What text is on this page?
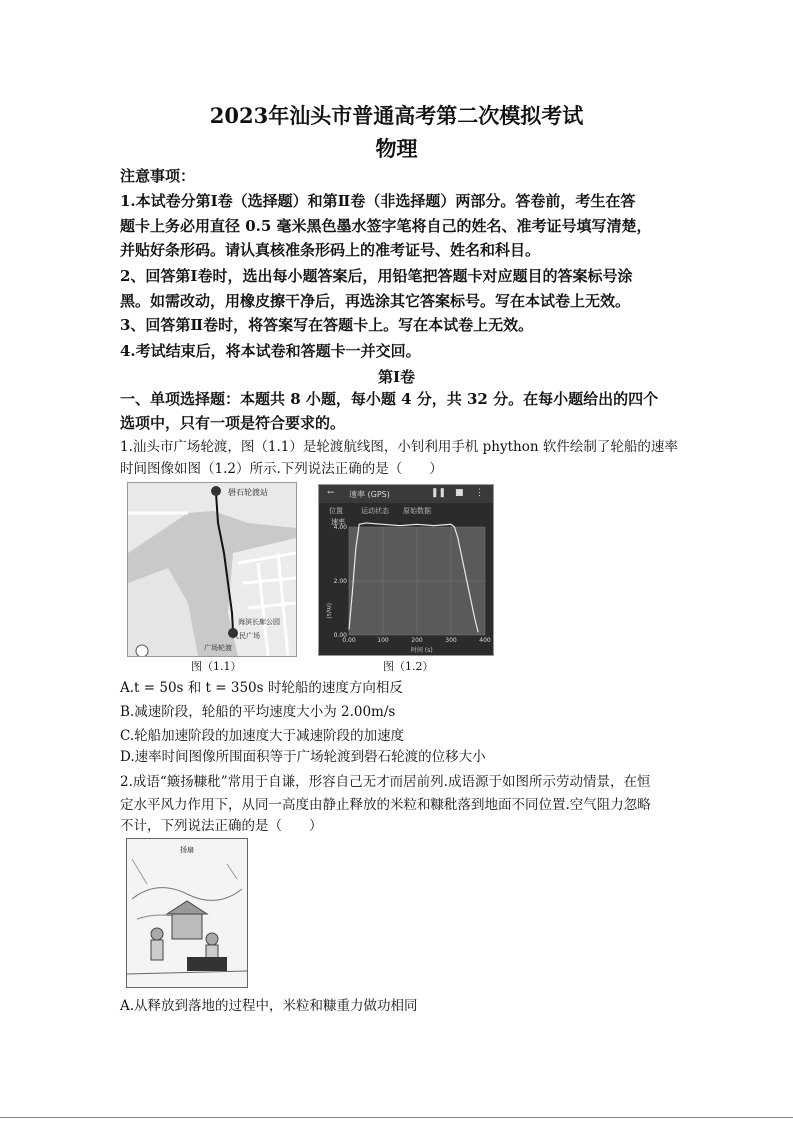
2023年汕头市普通高考第二次模拟考试
物理
注意事项：
1.本试卷分第Ⅰ卷（选择题）和第Ⅱ卷（非选择题）两部分。答卷前，考生在答
题卡上务必用直径 0.5 毫米黑色墨水签字笔将自己的姓名、准考证号填写清楚，
并贴好条形码。请认真核准条形码上的准考证号、姓名和科目。
2、回答第Ⅰ卷时，选出每小题答案后，用铅笔把答题卡对应题目的答案标号涂
黑。如需改动，用橡皮擦干净后，再选涂其它答案标号。写在本试卷上无效。
3、回答第Ⅱ卷时，将答案写在答题卡上。写在本试卷上无效。
4.考试结束后，将本试卷和答题卡一并交回。
第Ⅰ卷
一、单项选择题：本题共 8 小题，每小题 4 分，共 32 分。在每小题给出的四个
选项中，只有一项是符合要求的。
1.汕头市广场轮渡，图（1.1）是轮渡航线图，小钊利用手机 phython 软件绘制了轮船的速率
时间图像如图（1.2）所示.下列说法正确的是（　　）
礐石轮渡站
海滨长廊公园
人民广场
广场轮渡
图（1.1）
← 速率 (GPS)	❚❚ ■ ⋮
位置	运动状态 原始数据
速率
0.00	100	200	300	400
0.00
2.00
4.00
(m/s)
时间 (s)
图（1.2）
A.t = 50s 和 t = 350s 时轮船的速度方向相反
B.减速阶段，轮船的平均速度大小为 2.00m/s
C.轮船加速阶段的加速度大于减速阶段的加速度
D.速率时间图像所围面积等于广场轮渡到礐石轮渡的位移大小
2.成语“簸扬糠秕”常用于自谦，形容自己无才而居前列.成语源于如图所示劳动情景，在恒
定水平风力作用下，从同一高度由静止释放的米粒和糠秕落到地面不同位置.空气阻力忽略
不计，下列说法正确的是（　　）
扬扇
A.从释放到落地的过程中，米粒和糠重力做功相同
